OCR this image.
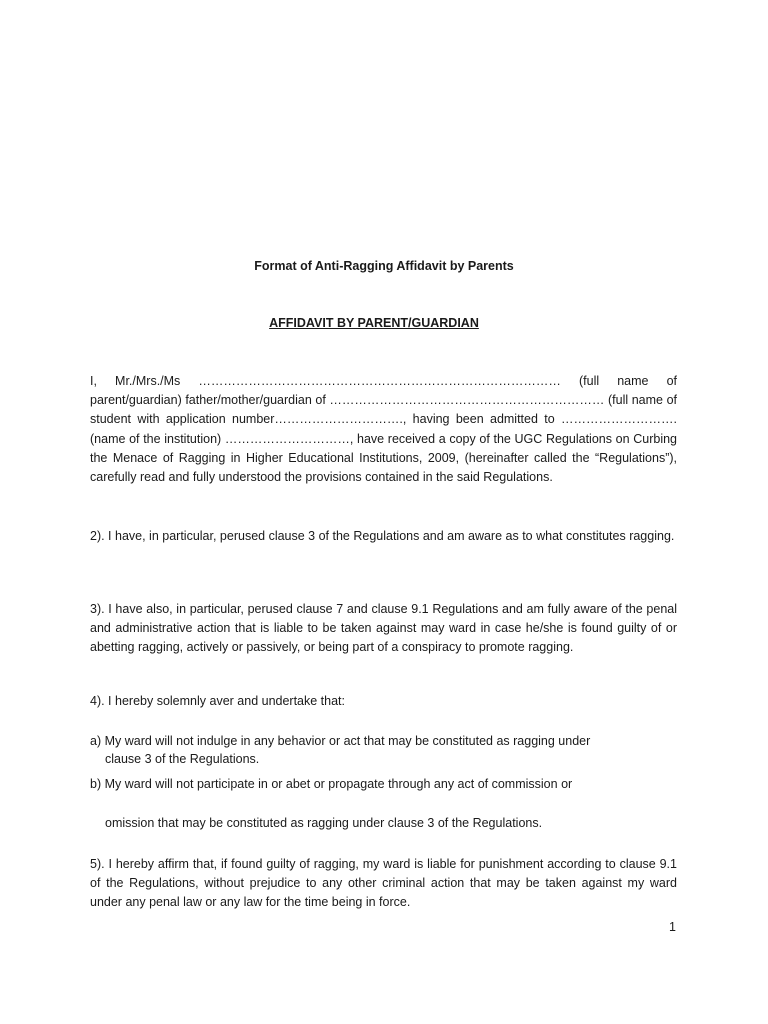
Format of Anti-Ragging Affidavit by Parents

AFFIDAVIT BY PARENT/GUARDIAN

I, Mr./Mrs./Ms …………………………………………………………………………… (full name of parent/guardian) father/mother/guardian of ………………………………………………………… (full name of student with application number…………………………., having been admitted to ……………………….(name of the institution) …………………………, have received a copy of the UGC Regulations on Curbing the Menace of Ragging in Higher Educational Institutions, 2009, (hereinafter called the “Regulations”), carefully read and fully understood the provisions contained in the said Regulations.

2). I have, in particular, perused clause 3 of the Regulations and am aware as to what constitutes ragging.

3). I have also, in particular, perused clause 7 and clause 9.1 Regulations and am fully aware of the penal and administrative action that is liable to be taken against may ward in case he/she is found guilty of or abetting ragging, actively or passively, or being part of a conspiracy to promote ragging.

4). I hereby solemnly aver and undertake that:

a) My ward will not indulge in any behavior or act that may be constituted as ragging under
clause 3 of the Regulations.

b) My ward will not participate in or abet or propagate through any act of commission or

omission that may be constituted as ragging under clause 3 of the Regulations.

5). I hereby affirm that, if found guilty of ragging, my ward is liable for punishment according to clause 9.1 of the Regulations, without prejudice to any other criminal action that may be taken against my ward under any penal law or any law for the time being in force.

1
